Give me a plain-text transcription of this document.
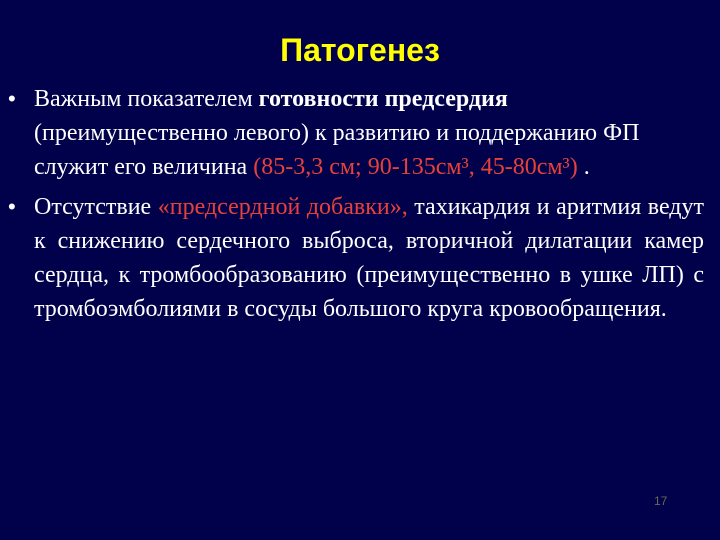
Патогенез

• Важным показателем готовности предсердия (преимущественно левого) к развитию и поддержанию ФП служит его величина (85-3,3 см; 90-135см³, 45-80см³) .

• Отсутствие «предсердной добавки», тахикардия и аритмия ведут к снижению сердечного выброса, вторичной дилатации камер сердца, к тромбообразованию (преимущественно в ушке ЛП) с тромбоэмболиями в сосуды большого круга кровообращения.

17
